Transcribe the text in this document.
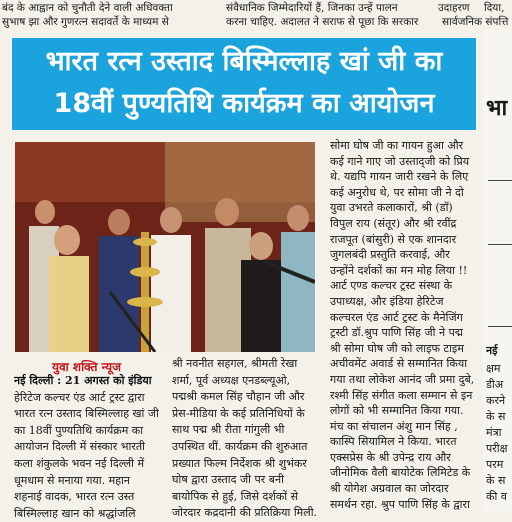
बंद के आह्वान को चुनौती देने वाली अधिवक्ता
सुभाष झा और गुणरत्न सदावर्ते के माध्यम से
संवैधानिक जिम्मेदारियों हैं, जिनका उन्हें पालन
करना चाहिए. अदालत ने सराफ से पूछा कि सरकार
उदाहरण दिया,
सार्वजनिक संपत्ति
भारत रत्न उस्ताद बिस्मिल्लाह खां जी का
18वीं पुण्यतिथि कार्यक्रम का आयोजन	भा
नई
क्षम
डीअ
करने
के स
मंत्रा
परीक्ष
परम
के स
की व
युवा शक्ति न्यूज
नई दिल्ली : 21 अगस्त को इंडिया
हेरिटेज कल्चर एंड आर्ट ट्रस्ट द्वारा
भारत रत्न उस्ताद बिस्मिल्लाह खां जी
का 18वीं पुण्यतिथि कार्यक्रम का
आयोजन दिल्ली में संस्कार भारती
कला शंकुलके भवन नई दिल्ली में
धूमधाम से मनाया गया. महान
शहनाई वादक, भारत रत्न उस्त
बिस्मिल्लाह खान को श्रद्धांजलि
श्री नवनीत सहगल, श्रीमती रेखा
शर्मा, पूर्व अध्यक्ष एनडब्ल्यूओ,
पद्मश्री कमल सिंह चौहान जी और
प्रेस-मीडिया के कई प्रतिनिधियों के
साथ पद्म श्री रीता गांगुली भी
उपस्थित थीं. कार्यक्रम की शुरुआत
प्रख्यात फिल्म निर्देशक श्री शुभंकर
घोष द्वारा उस्ताद जी पर बनी
बायोपिक से हुई, जिसे दर्शकों से
जोरदार कद्रदानी की प्रतिक्रिया मिली.
सोमा घोष जी का गायन हुआ और
कई गाने गाए जो उस्ताद्जी को प्रिय
थे. यद्यपि गायन जारी रखने के लिए
कई अनुरोध थे, पर सोमा जी ने दो
युवा उभरते कलाकारों, श्री (डॉ)
विपुल राय (संतूर) और श्री रवींद्र
राजपूत (बांसुरी) से एक शानदार
जुगलबंदी प्रस्तुति करवाई, और
उन्होंने दर्शकों का मन मोह लिया !!
आर्ट एण्ड कल्चर ट्रस्ट संस्था के
उपाध्यक्ष, और इंडिया हेरिटेज
कल्चरल एंड आर्ट ट्रस्ट के मैनेजिंग
ट्रस्टी डॉ.श्रुप पाणि सिंह जी ने पद्म
श्री सोमा घोष जी को लाइफ टाइम
अचीवमेंट अवार्ड से सम्मानित किया
गया तथा लोकेश आनंद जी प्रमा दुबे,
रश्मी सिंह संगीत कला सम्मान से इन
लोगों को भी सम्मानित किया गया.
मंच का संचालन अंशु मान सिंह ,
कास्पि सियामिल ने किया. भारत
एक्सप्रेस के श्री उपेन्द्र राय और
जीनोमिक वैली बायोटेक लिमिटेड के
श्री योगेश अग्रवाल का जोरदार
समर्थन रहा. श्रुप पाणि सिंह के द्वारा
